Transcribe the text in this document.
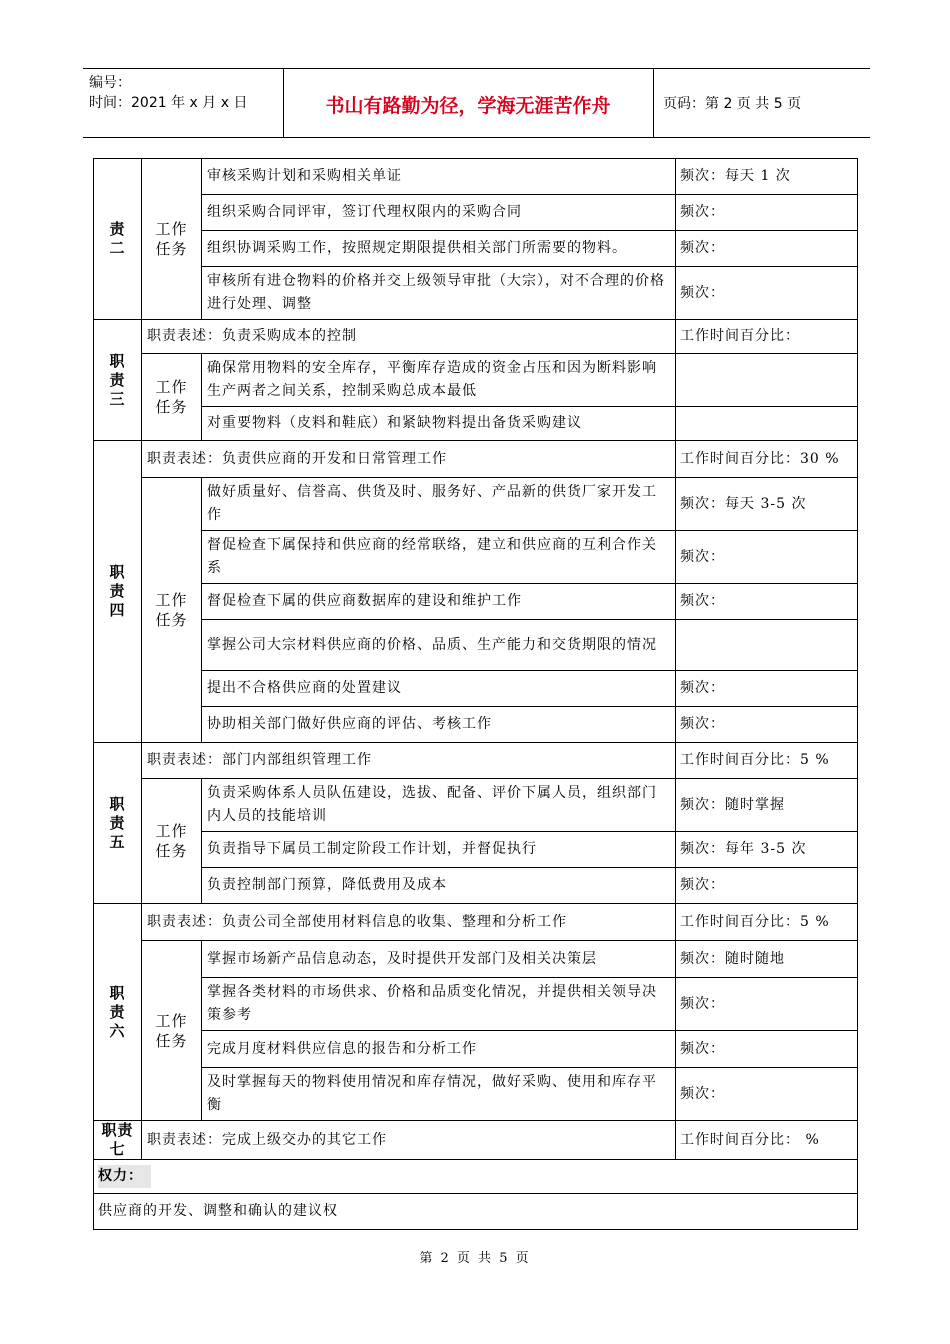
编号：
时间：2021 年 x 月 x 日	书山有路勤为径，学海无涯苦作舟	页码：第 2 页 共 5 页
责
二	工作
任务	审核采购计划和采购相关单证	频次：每天 1 次
		组织采购合同评审，签订代理权限内的采购合同	频次：
		组织协调采购工作，按照规定期限提供相关部门所需要的物料。	频次：
		审核所有进仓物料的价格并交上级领导审批（大宗），对不合理的价格进行处理、调整	频次：
职
责
三	职责表述：负责采购成本的控制		工作时间百分比：
	工作
任务	确保常用物料的安全库存，平衡库存造成的资金占压和因为断料影响生产两者之间关系，控制采购总成本最低	
		对重要物料（皮料和鞋底）和紧缺物料提出备货采购建议	
职
责
四	职责表述：负责供应商的开发和日常管理工作		工作时间百分比：30 %
	工作
任务	做好质量好、信誉高、供货及时、服务好、产品新的供货厂家开发工作	频次：每天 3-5 次
		督促检查下属保持和供应商的经常联络，建立和供应商的互利合作关系	频次：
		督促检查下属的供应商数据库的建设和维护工作	频次：
		掌握公司大宗材料供应商的价格、品质、生产能力和交货期限的情况	
		提出不合格供应商的处置建议	频次：
		协助相关部门做好供应商的评估、考核工作	频次：
职
责
五	职责表述：部门内部组织管理工作		工作时间百分比：5 %
	工作
任务	负责采购体系人员队伍建设，选拔、配备、评价下属人员，组织部门内人员的技能培训	频次：随时掌握
		负责指导下属员工制定阶段工作计划，并督促执行	频次：每年 3-5 次
		负责控制部门预算，降低费用及成本	频次：
职
责
六	职责表述：负责公司全部使用材料信息的收集、整理和分析工作		工作时间百分比：5 %
	工作
任务	掌握市场新产品信息动态，及时提供开发部门及相关决策层	频次：随时随地
		掌握各类材料的市场供求、价格和品质变化情况，并提供相关领导决策参考	频次：
		完成月度材料供应信息的报告和分析工作	频次：
		及时掌握每天的物料使用情况和库存情况，做好采购、使用和库存平衡	频次：
职责
七	职责表述：完成上级交办的其它工作		工作时间百分比： %
权力：			
供应商的开发、调整和确认的建议权			
第 2 页 共 5 页
